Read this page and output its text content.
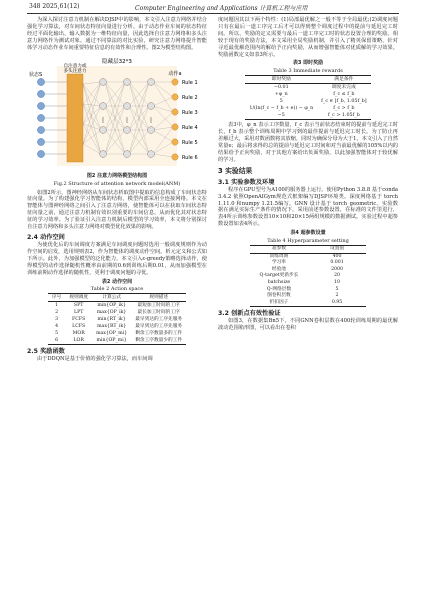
348 2025,61(12)	Computer Engineering and Applications 计算机工程与应用

为深入探讨注意力机制在解决DJSP中的影响，本文引入注意力网络并结合强化学习算法，对车间状态特征向量进行分析。由于动态作业车间的状态特征经过平面化输出，输入数据为一维特征向量，因此选择自注意力网络和多头注意力网络作为测试对象。通过不同算法的对比实验，研究注意力网络提升智能体学习动态作业车间重要特征信息的有效性和合理性。图2为模型结构图。

隐藏层32*3
自注意力或
多头注意力
状态S	动作a
Rule 1
Rule 2
Rule 3
Rule 4
Rule 5
Rule 6
图2 注意力网络模型结构图
Fig.2 Structure of attention network model(ANM)

如图2所示，图神经网络从车间状态析取图中提取的信息构成了车间状态特征向量。为了构建强化学习智能体的结构，模型内部采用全连接网络。本文在智能体与图神经网络之间引入了注意力网络，使智能体可以在获取车间状态特征向量之前，通过注意力机制有效识别重要的车间信息，从而优化其对状态特征的学习效率。为了验证引入注意力机制后模型的学习效率，本文将分别探讨自注意力网络和多头注意力网络对模型优化效果的影响。

2.4 动作空间

为使优化后的车间调度方案满足车间调度问题时选用一般调度规则作为动作空间的启发，选用规则表2，作为智能体的调度动作空间。析元定义和公式如下所示。此外，为加强模型的泛化能力，本文引入ε-greedy策略选择动作，使得模型的动作选择随机性概率由前期的0.6到训练后期0.01，从而加强模型在训练前期动作选择的随机性，更利于调度问题的寻优。

表2 动作空间
Table 2 Action space
序号	规则调度	计算公式	规则描述
1	SPT	min{OP_ik}	最短加工时间的工序
2	LPT	max{OP_ik}	最长加工时间的工序
3	FCFS	min{RT_ik}	最早到达的工序先服务
4	LCFS	max{RT_ik}	最早到达的工序先服务
5	MOR	max{OP_mi}	剩余工序数量多的工件
6	LOR	min{OP_mi}	剩余工序数量少的工件
2.5 奖励函数

由于DDQN是基于价值的强化学习算法，而车间调

度问题因其以下两个特性：(1)局部最优解之一般不等于全局最优;(2)调度问题只有在最后一道工序完工后才可以得到整个调度过程中的提前与延迟完工时间。所以，奖励的定义需要与最后一道工序完工时的状态设置合理的奖励。相较于现有的奖励方法，本文采用全局奖励机制，并引入了精英保留策略，针对寻近最优解范围内的解给予正向奖励，从而增强智能体对优质解的学习效果。奖励函数定义如表3所示。

表3 即时奖励
Table 3 Immediate rewards
即时奖励	满足条件
−0.01	调度未完成
+φ_n	f_c ≤ f_b
5	f_c ∈ [f_b, 1.05f_b]
1/(ln(f_c − f_b + e)) − φ_n	f_c > f_b
−5	f_c > 1.05f_b

表3中，φ_n 表示工序数量，f_c 表示当前状态结束时的提前与延迟完工时长，f_b 表示整个训练周期中学习到的最佳提前与延迟完工时长。为了防止再差解过大，采用对数函数将其放缩，同时为确保分母为大于1，本文引入了自然常量e；最后将求得的总的提前与延迟完工时间和对当前最优解的105%以内的结果给予正向奖励，对于其他方案给出负面奖励，以此加强智能体对于较优解的学习。

3 实验结果
3.1 实验参数及环境

程序在GPU型号为A100的服务器上运行。使用Python 3.8.8 基于conda 3.4.2 依照OpenAIGym规范式框架编写DJSP环境类。深度网络基于 torch 1.11.0 和numpy 1.21.5编写。GNN 设计基于 torch_geometric。实验数据在满足实际生产条件的情况下，采用前述参数设置，在标准的文件里进行，表4所示训练参数设置10×10和20×15两组规模的数据测试。实验过程中超参数设置如表4所示。

表4 超参数设置
Table 4 Hyperparameter setting
超参数	设置值
训练周期	400
学习率	0.001
经验池	2000
Q-target更新步长	20
batchsize	10
Q-网络层数	5
图卷积层数	2
折扣因子	0.95
3.2 创新点有效性验证

如图3，在数据集Bn5下，不同GNN卷积层数在400轮训练周期的最优解波动范围箱形图，可以看出在卷积
